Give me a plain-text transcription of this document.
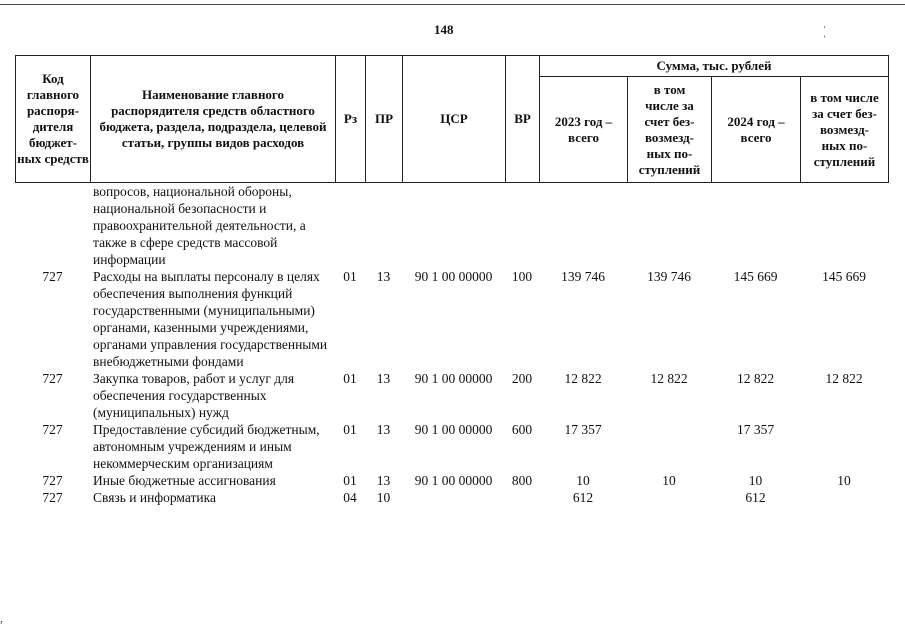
148	‘ ’
,
Код главного распоря-дителя бюджет-ных средств	Наименование главного распорядителя средств областного бюджета, раздела, подраздела, целевой статьи, группы видов расходов	Рз	ПР	ЦСР	ВР	Сумма, тыс. рублей			
						2023 год – всего	в том числе за счет без-возмезд-ных по-ступлений	2024 год – всего	в том числе за счет без-возмезд-ных по-ступлений
	вопросов, национальной обороны, национальной безопасности и правоохранительной деятельности, а также в сфере средств массовой информации								
727	Расходы на выплаты персоналу в целях обеспечения выполнения функций государственными (муниципальными) органами, казенными учреждениями, органами управления государственными внебюджетными фондами	01	13	90 1 00 00000	100	139 746	139 746	145 669	145 669
727	Закупка товаров, работ и услуг для обеспечения государственных (муниципальных) нужд	01	13	90 1 00 00000	200	12 822	12 822	12 822	12 822
727	Предоставление субсидий бюджетным, автономным учреждениям и иным некоммерческим организациям	01	13	90 1 00 00000	600	17 357		17 357	
727	Иные бюджетные ассигнования	01	13	90 1 00 00000	800	10	10	10	10
727	Связь и информатика	04	10			612		612	
